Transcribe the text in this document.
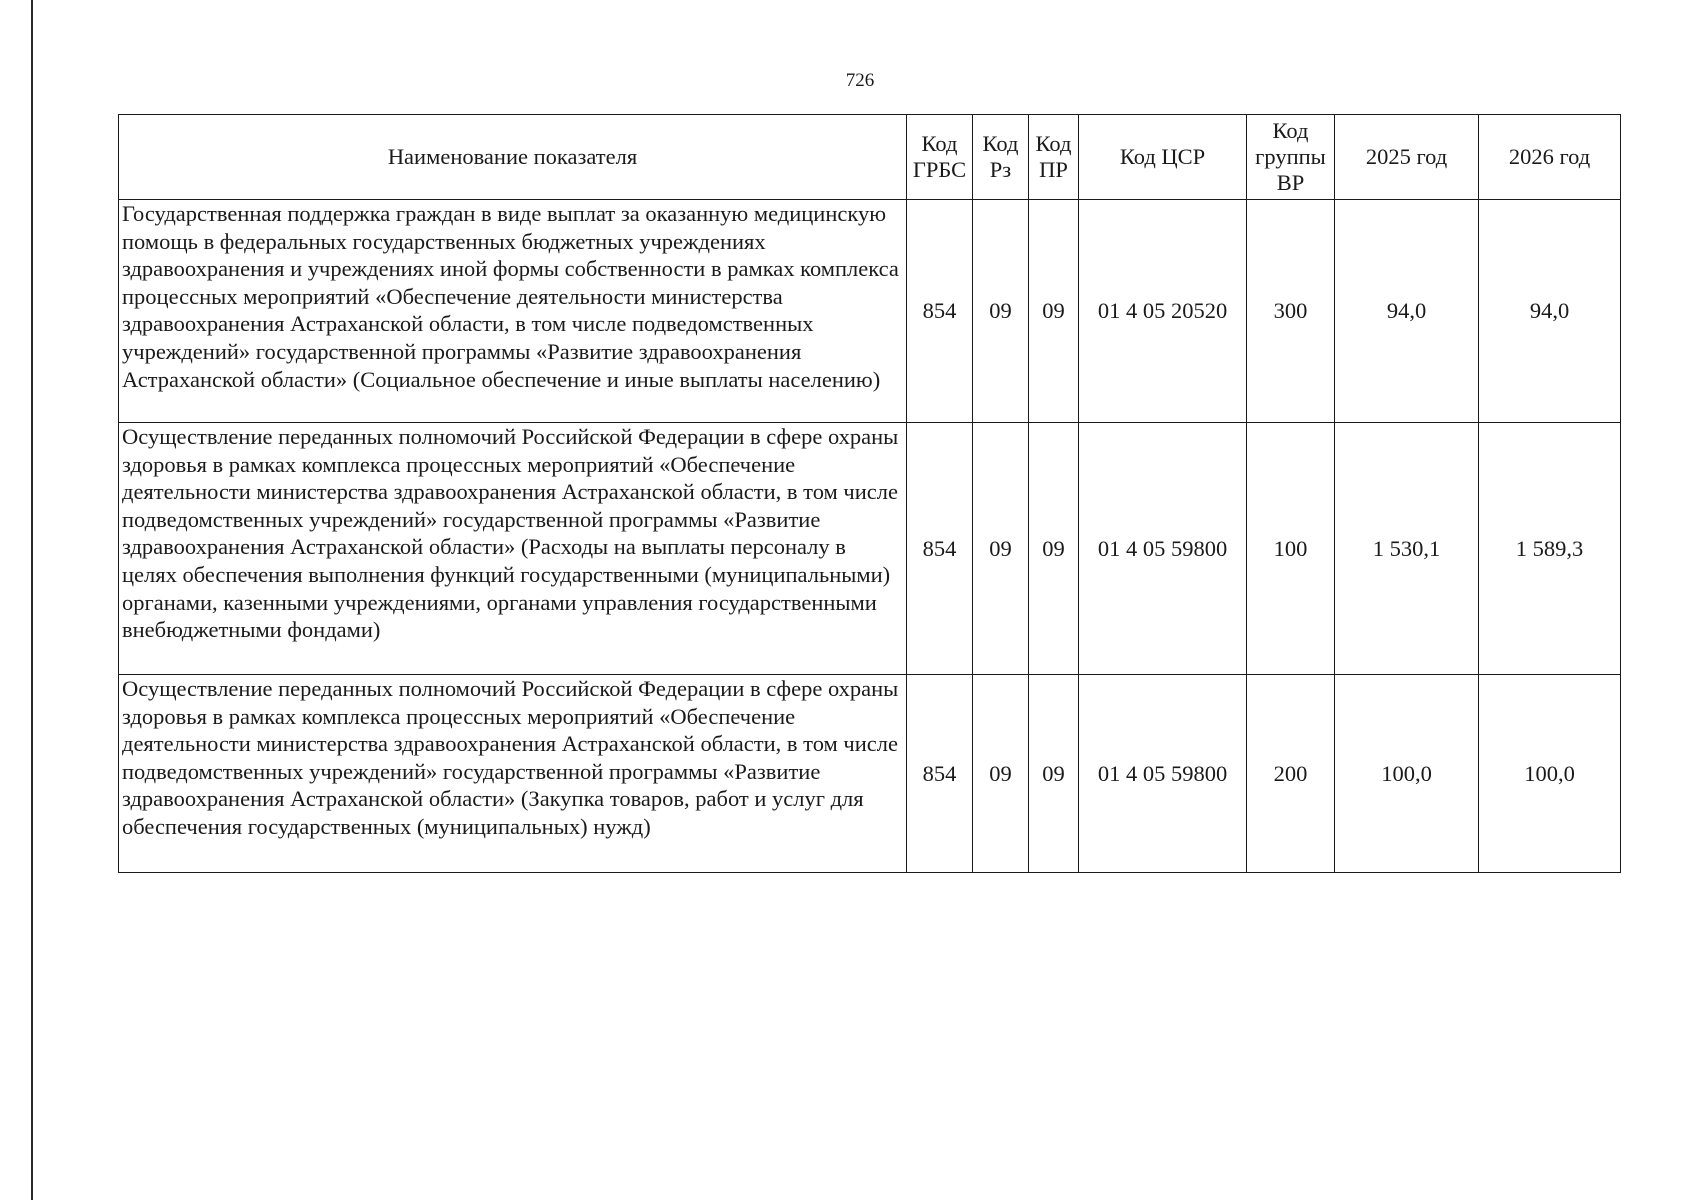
726
Наименование показателя	Код ГРБС	Код Рз	Код ПР	Код ЦСР	Код группы ВР	2025 год	2026 год
Государственная поддержка граждан в виде выплат за оказанную медицинскую помощь в федеральных государственных бюджетных учреждениях здравоохранения и учреждениях иной формы собственности в рамках комплекса процессных мероприятий «Обеспечение деятельности министерства здравоохранения Астраханской области, в том числе подведомственных учреждений» государственной программы «Развитие здравоохранения Астраханской области» (Социальное обеспечение и иные выплаты населению)	854	09	09	01 4 05 20520	300	94,0	94,0
Осуществление переданных полномочий Российской Федерации в сфере охраны здоровья в рамках комплекса процессных мероприятий «Обеспечение деятельности министерства здравоохранения Астраханской области, в том числе подведомственных учреждений» государственной программы «Развитие здравоохранения Астраханской области» (Расходы на выплаты персоналу в целях обеспечения выполнения функций государственными (муниципальными) органами, казенными учреждениями, органами управления государственными внебюджетными фондами)	854	09	09	01 4 05 59800	100	1 530,1	1 589,3
Осуществление переданных полномочий Российской Федерации в сфере охраны здоровья в рамках комплекса процессных мероприятий «Обеспечение деятельности министерства здравоохранения Астраханской области, в том числе подведомственных учреждений» государственной программы «Развитие здравоохранения Астраханской области» (Закупка товаров, работ и услуг для обеспечения государственных (муниципальных) нужд)	854	09	09	01 4 05 59800	200	100,0	100,0
